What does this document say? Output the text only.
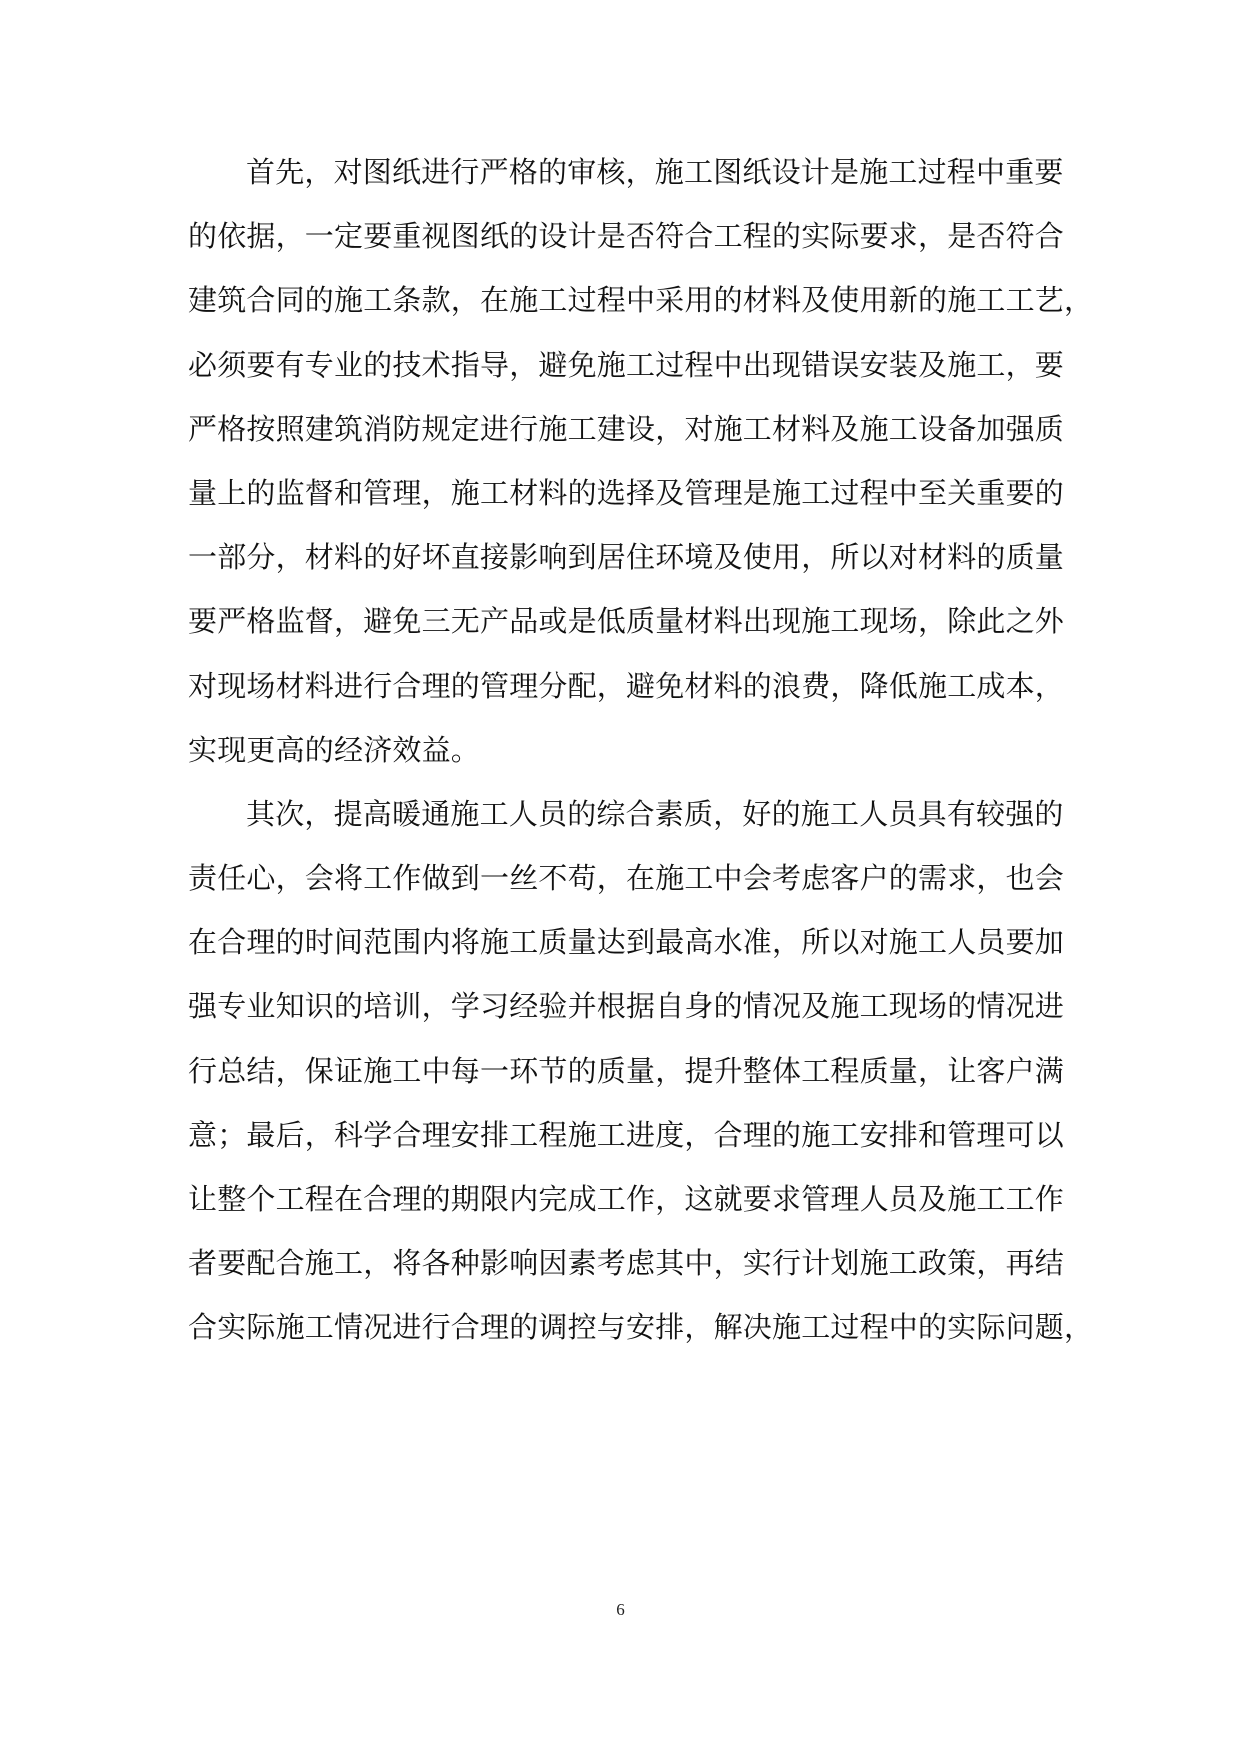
首先，对图纸进行严格的审核，施工图纸设计是施工过程中重要
的依据，一定要重视图纸的设计是否符合工程的实际要求，是否符合
建筑合同的施工条款，在施工过程中采用的材料及使用新的施工工艺，
必须要有专业的技术指导，避免施工过程中出现错误安装及施工，要
严格按照建筑消防规定进行施工建设，对施工材料及施工设备加强质
量上的监督和管理，施工材料的选择及管理是施工过程中至关重要的
一部分，材料的好坏直接影响到居住环境及使用，所以对材料的质量
要严格监督，避免三无产品或是低质量材料出现施工现场，除此之外
对现场材料进行合理的管理分配，避免材料的浪费，降低施工成本，
实现更高的经济效益。
其次，提高暖通施工人员的综合素质，好的施工人员具有较强的
责任心，会将工作做到一丝不苟，在施工中会考虑客户的需求，也会
在合理的时间范围内将施工质量达到最高水准，所以对施工人员要加
强专业知识的培训，学习经验并根据自身的情况及施工现场的情况进
行总结，保证施工中每一环节的质量，提升整体工程质量，让客户满
意；最后，科学合理安排工程施工进度，合理的施工安排和管理可以
让整个工程在合理的期限内完成工作，这就要求管理人员及施工工作
者要配合施工，将各种影响因素考虑其中，实行计划施工政策，再结
合实际施工情况进行合理的调控与安排，解决施工过程中的实际问题，
6
